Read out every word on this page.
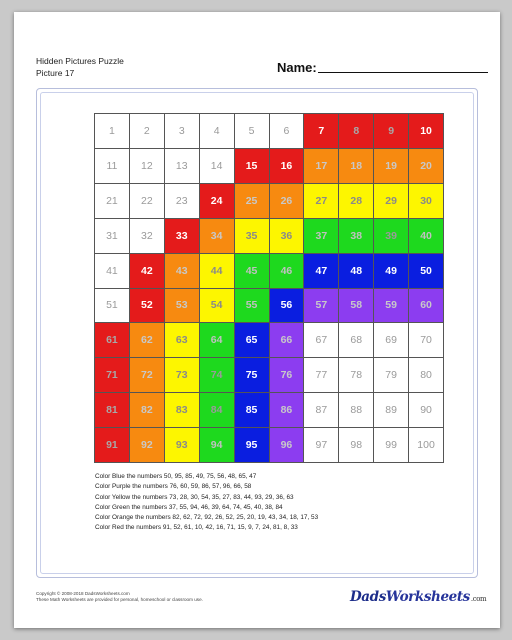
Hidden Pictures Puzzle
Picture 17	Name:
1	2	3	4	5	6	7	8	9	10
11	12	13	14	15	16	17	18	19	20
21	22	23	24	25	26	27	28	29	30
31	32	33	34	35	36	37	38	39	40
41	42	43	44	45	46	47	48	49	50
51	52	53	54	55	56	57	58	59	60
61	62	63	64	65	66	67	68	69	70
71	72	73	74	75	76	77	78	79	80
81	82	83	84	85	86	87	88	89	90
91	92	93	94	95	96	97	98	99	100
Color Blue the numbers 50, 95, 85, 49, 75, 56, 48, 65, 47
Color Purple the numbers 76, 60, 59, 86, 57, 96, 66, 58
Color Yellow the numbers 73, 28, 30, 54, 35, 27, 83, 44, 93, 29, 36, 63
Color Green the numbers 37, 55, 94, 46, 39, 64, 74, 45, 40, 38, 84
Color Orange the numbers 82, 62, 72, 92, 26, 52, 25, 20, 19, 43, 34, 18, 17, 53
Color Red the numbers 91, 52, 61, 10, 42, 16, 71, 15, 9, 7, 24, 81, 8, 33
Copyright © 2008-2018 DadsWorksheets.com
These Math Worksheets are provided for personal, homeschool or classroom use.	Dads Worksheets .com
